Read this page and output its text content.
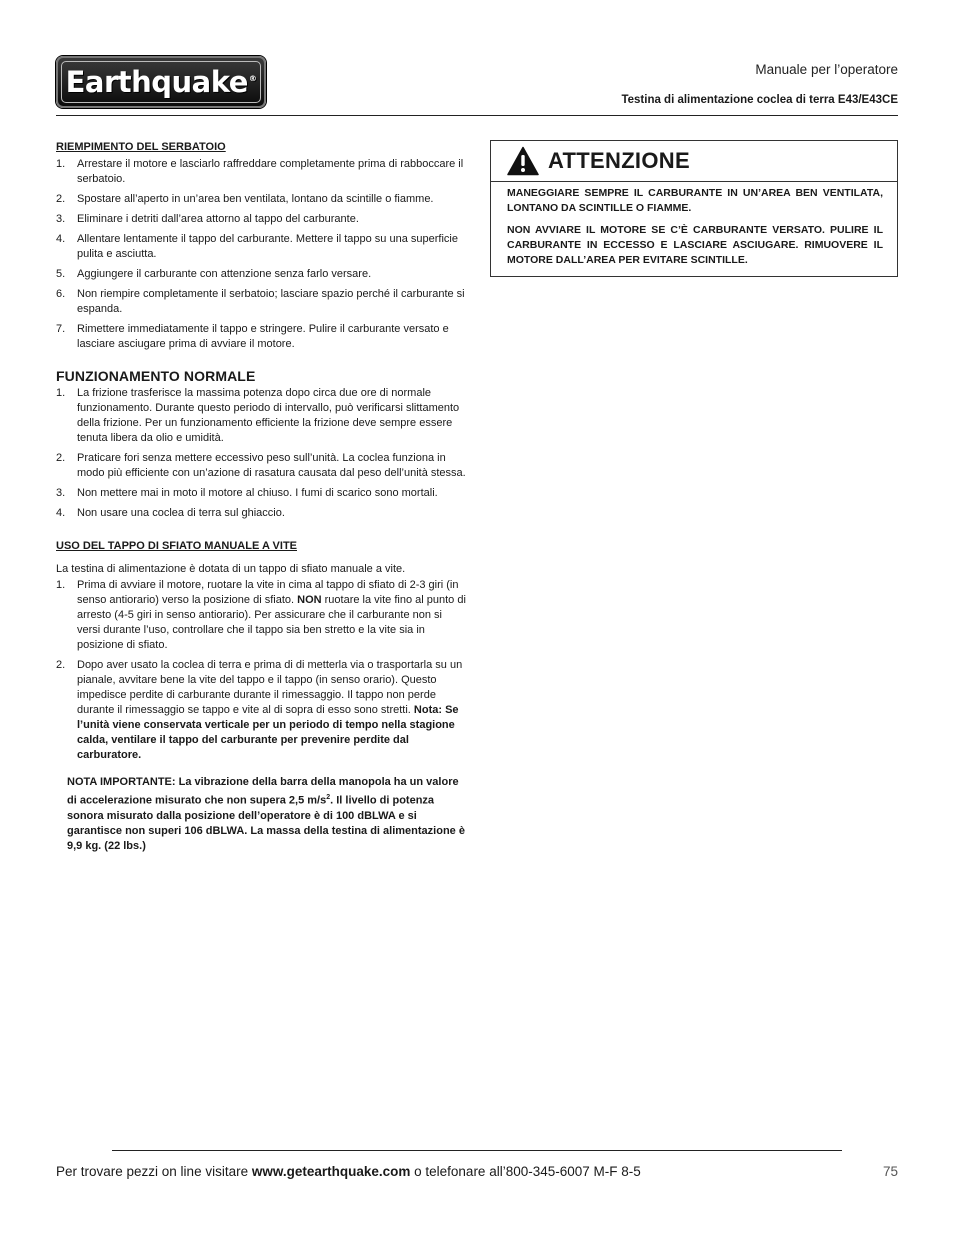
Earthquake®
Manuale per l’operatore
Testina di alimentazione coclea di terra E43/E43CE
RIEMPIMENTO DEL SERBATOIO
1. Arrestare il motore e lasciarlo raffreddare completamente prima di rabboccare il serbatoio.
2. Spostare all’aperto in un’area ben ventilata, lontano da scintille o fiamme.
3. Eliminare i detriti dall’area attorno al tappo del carburante.
4. Allentare lentamente il tappo del carburante. Mettere il tappo su una superficie pulita e asciutta.
5. Aggiungere il carburante con attenzione senza farlo versare.
6. Non riempire completamente il serbatoio; lasciare spazio perché il carburante si espanda.
7. Rimettere immediatamente il tappo e stringere. Pulire il carburante versato e lasciare asciugare prima di avviare il motore.
FUNZIONAMENTO NORMALE
1. La frizione trasferisce la massima potenza dopo circa due ore di normale funzionamento. Durante questo periodo di intervallo, può verificarsi slittamento della frizione. Per un funzionamento efficiente la frizione deve sempre essere tenuta libera da olio e umidità.
2. Praticare fori senza mettere eccessivo peso sull’unità. La coclea funziona in modo più efficiente con un’azione di rasatura causata dal peso dell’unità stessa.
3. Non mettere mai in moto il motore al chiuso. I fumi di scarico sono mortali.
4. Non usare una coclea di terra sul ghiaccio.
USO DEL TAPPO DI SFIATO MANUALE A VITE
La testina di alimentazione è dotata di un tappo di sfiato manuale a vite.
1. Prima di avviare il motore, ruotare la vite in cima al tappo di sfiato di 2-3 giri (in senso antiorario) verso la posizione di sfiato. NON ruotare la vite fino al punto di arresto (4-5 giri in senso antiorario). Per assicurare che il carburante non si versi durante l’uso, controllare che il tappo sia ben stretto e la vite sia in posizione di sfiato.
2. Dopo aver usato la coclea di terra e prima di di metterla via o trasportarla su un pianale, avvitare bene la vite del tappo e il tappo (in senso orario). Questo impedisce perdite di carburante durante il rimessaggio. Il tappo non perde durante il rimessaggio se tappo e vite al di sopra di esso sono stretti. Nota: Se l’unità viene conservata verticale per un periodo di tempo nella stagione calda, ventilare il tappo del carburante per prevenire perdite dal carburatore.
NOTA IMPORTANTE: La vibrazione della barra della manopola ha un valore di accelerazione misurato che non supera 2,5 $m/s^2$. Il livello di potenza sonora misurato dalla posizione dell’operatore è di 100 dBLWA e si garantisce non superi 106 dBLWA. La massa della testina di alimentazione è 9,9 kg. (22 lbs.)
ATTENZIONE

MANEGGIARE SEMPRE IL CARBURANTE IN UN’AREA BEN VENTILATA, LONTANO DA SCINTILLE O FIAMME.

NON AVVIARE IL MOTORE SE C’È CARBURANTE VERSATO. PULIRE IL CARBURANTE IN ECCESSO E LASCIARE ASCIUGARE. RIMUOVERE IL MOTORE DALL’AREA PER EVITARE SCINTILLE.

Per trovare pezzi on line visitare www.getearthquake.com o telefonare all’800-345-6007 M-F 8-5	75
